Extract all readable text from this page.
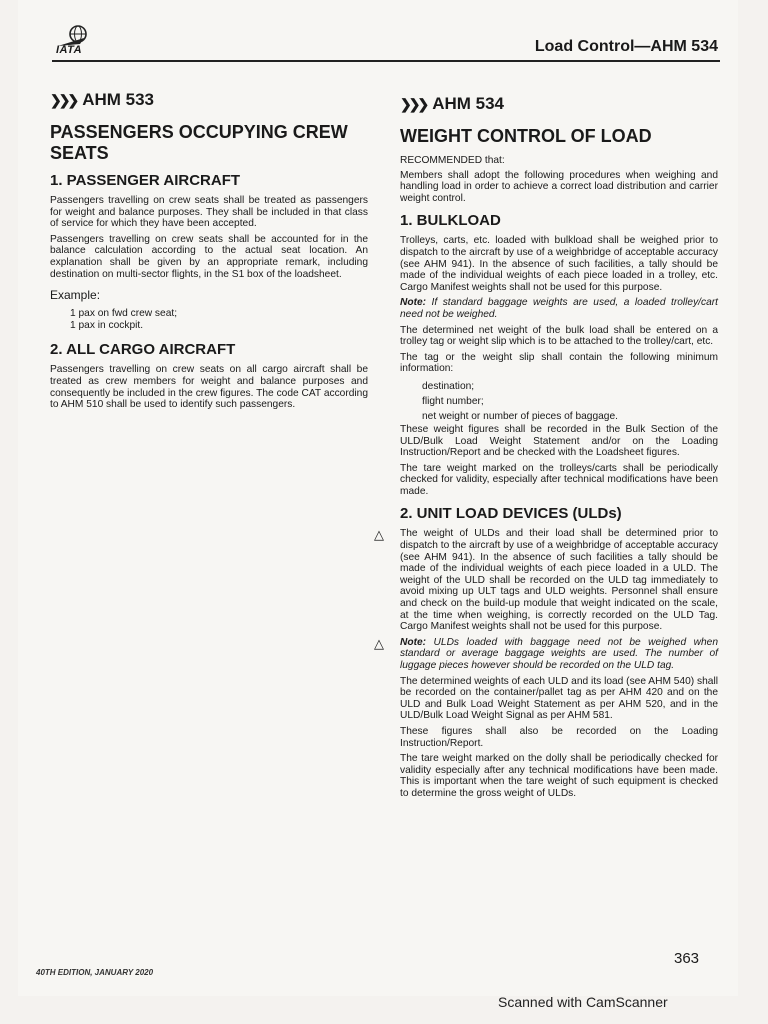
IATA	Load Control—AHM 534
❯❯❯ AHM 533
PASSENGERS OCCUPYING CREW SEATS
1. PASSENGER AIRCRAFT

Passengers travelling on crew seats shall be treated as passengers for weight and balance purposes. They shall be included in that class of service for which they have been accepted.

Passengers travelling on crew seats shall be accounted for in the balance calculation according to the actual seat location. An explanation shall be given by an appropriate remark, including destination on multi-sector flights, in the S1 box of the loadsheet.

Example:
1 pax on fwd crew seat;
1 pax in cockpit.
2. ALL CARGO AIRCRAFT

Passengers travelling on crew seats on all cargo aircraft shall be treated as crew members for weight and balance purposes and consequently be included in the crew figures. The code CAT according to AHM 510 shall be used to identify such passengers.

❯❯❯ AHM 534
WEIGHT CONTROL OF LOAD

RECOMMENDED that:

Members shall adopt the following procedures when weighing and handling load in order to achieve a correct load distribution and carrier weight control.

1. BULKLOAD

Trolleys, carts, etc. loaded with bulkload shall be weighed prior to dispatch to the aircraft by use of a weighbridge of acceptable accuracy (see AHM 941). In the absence of such facilities, a tally should be made of the individual weights of each piece loaded in a trolley, etc. Cargo Manifest weights shall not be used for this purpose.

Note: If standard baggage weights are used, a loaded trolley/cart need not be weighed.

The determined net weight of the bulk load shall be entered on a trolley tag or weight slip which is to be attached to the trolley/cart, etc.

The tag or the weight slip shall contain the following minimum information:

destination;
flight number;
net weight or number of pieces of baggage.

These weight figures shall be recorded in the Bulk Section of the ULD/Bulk Load Weight Statement and/or on the Loading Instruction/Report and be checked with the Loadsheet figures.

The tare weight marked on the trolleys/carts shall be periodically checked for validity, especially after technical modifications have been made.

2. UNIT LOAD DEVICES (ULDs)
△ The weight of ULDs and their load shall be determined prior to dispatch to the aircraft by use of a weighbridge of acceptable accuracy (see AHM 941). In the absence of such facilities a tally should be made of the individual weights of each piece loaded in a ULD. The weight of the ULD shall be recorded on the ULD tag immediately to avoid mixing up ULT tags and ULD weights. Personnel shall ensure and check on the build-up module that weight indicated on the scale, at the time when weighing, is correctly recorded on the ULD Tag. Cargo Manifest weights shall not be used for this purpose.

△ Note: ULDs loaded with baggage need not be weighed when standard or average baggage weights are used. The number of luggage pieces however should be recorded on the ULD tag.

The determined weights of each ULD and its load (see AHM 540) shall be recorded on the container/pallet tag as per AHM 420 and on the ULD and Bulk Load Weight Statement as per AHM 520, and in the ULD/Bulk Load Weight Signal as per AHM 581.

These figures shall also be recorded on the Loading Instruction/Report.

The tare weight marked on the dolly shall be periodically checked for validity especially after any technical modifications have been made. This is important when the tare weight of such equipment is checked to determine the gross weight of ULDs.

40TH EDITION, JANUARY 2020
363
Scanned with CamScanner
